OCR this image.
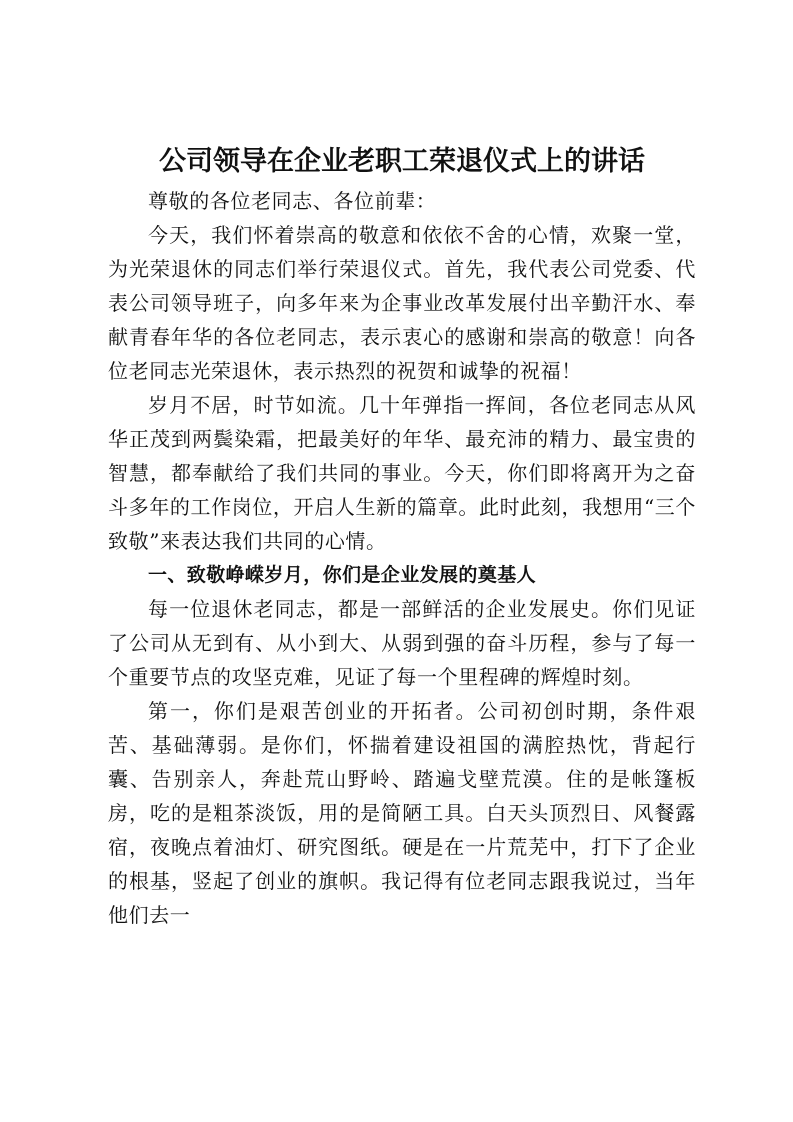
公司领导在企业老职工荣退仪式上的讲话

尊敬的各位老同志、各位前辈：

今天，我们怀着崇高的敬意和依依不舍的心情，欢聚一堂，为光荣退休的同志们举行荣退仪式。首先，我代表公司党委、代表公司领导班子，向多年来为企事业改革发展付出辛勤汗水、奉献青春年华的各位老同志，表示衷心的感谢和崇高的敬意！向各位老同志光荣退休，表示热烈的祝贺和诚挚的祝福！

岁月不居，时节如流。几十年弹指一挥间，各位老同志从风华正茂到两鬓染霜，把最美好的年华、最充沛的精力、最宝贵的智慧，都奉献给了我们共同的事业。今天，你们即将离开为之奋斗多年的工作岗位，开启人生新的篇章。此时此刻，我想用“三个致敬”来表达我们共同的心情。

一、致敬峥嵘岁月，你们是企业发展的奠基人

每一位退休老同志，都是一部鲜活的企业发展史。你们见证了公司从无到有、从小到大、从弱到强的奋斗历程，参与了每一个重要节点的攻坚克难，见证了每一个里程碑的辉煌时刻。

第一，你们是艰苦创业的开拓者。公司初创时期，条件艰苦、基础薄弱。是你们，怀揣着建设祖国的满腔热忱，背起行囊、告别亲人，奔赴荒山野岭、踏遍戈壁荒漠。住的是帐篷板房，吃的是粗茶淡饭，用的是简陋工具。白天头顶烈日、风餐露宿，夜晚点着油灯、研究图纸。硬是在一片荒芜中，打下了企业的根基，竖起了创业的旗帜。我记得有位老同志跟我说过，当年他们去一
